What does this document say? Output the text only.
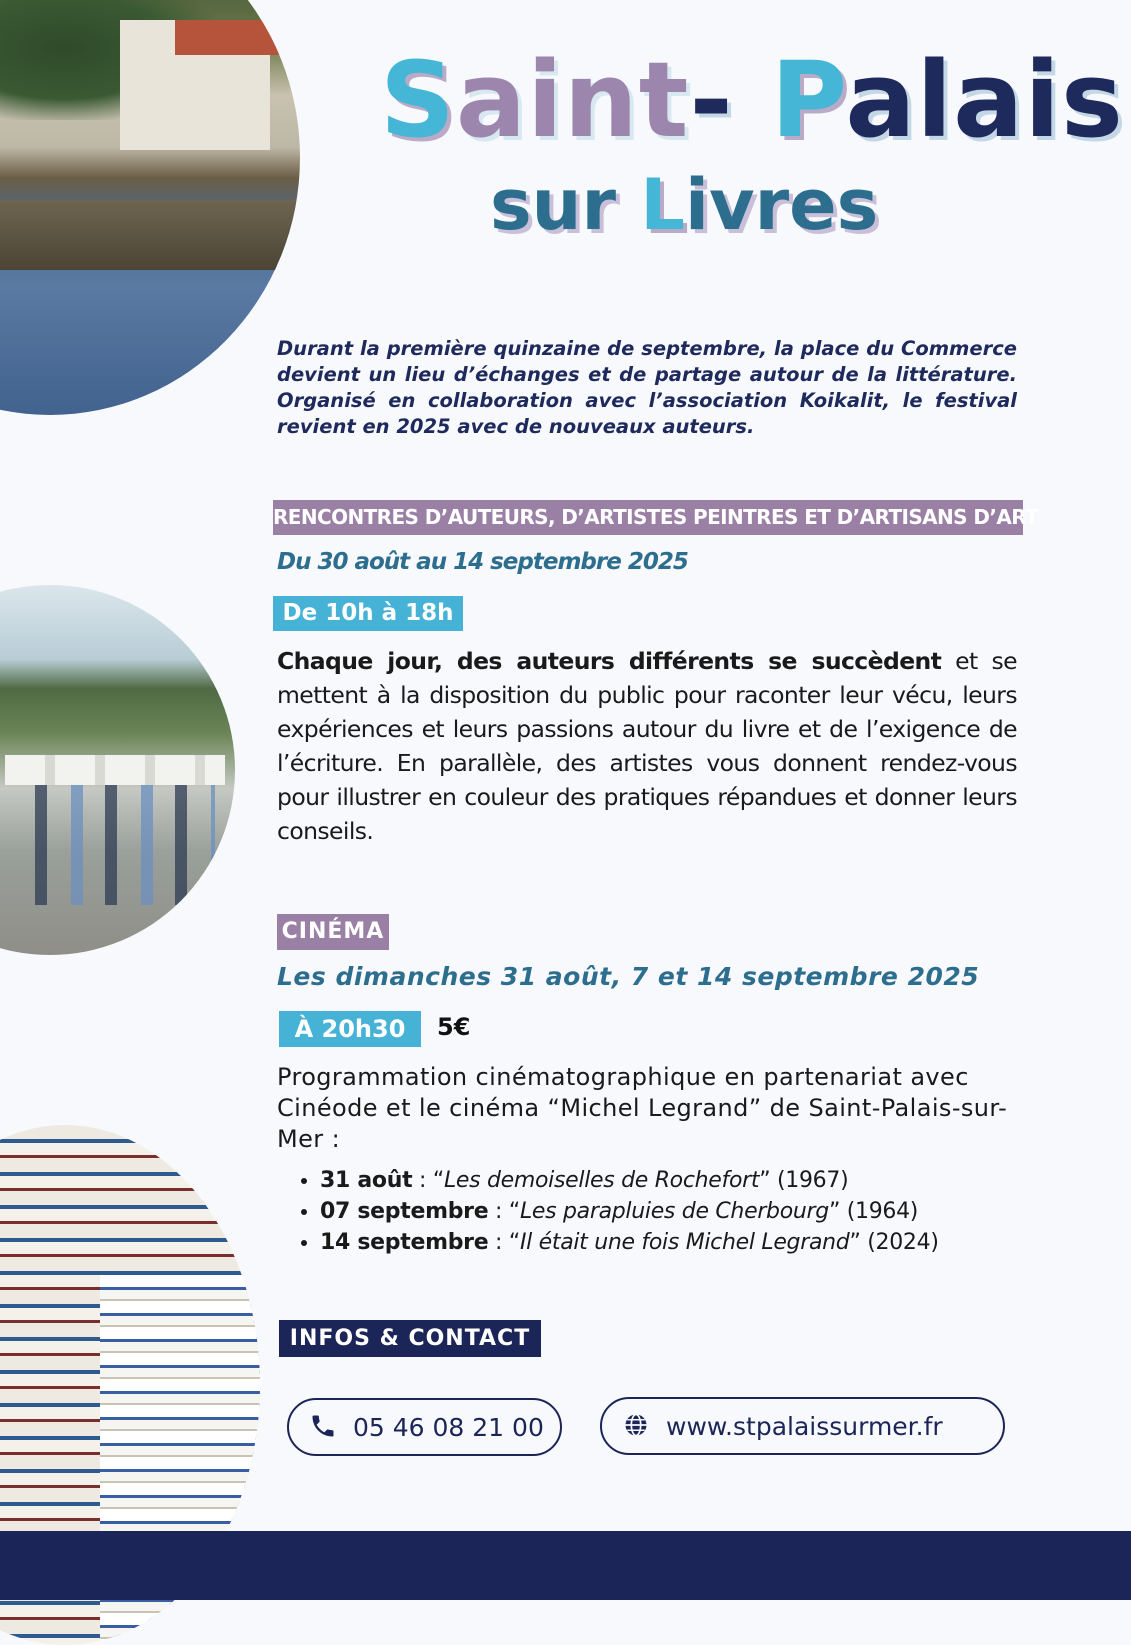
Saint- Palais
sur Livres
Durant la première quinzaine de septembre, la place du Commerce devient un lieu d’échanges et de partage autour de la littérature. Organisé en collaboration avec l’association Koikalit, le festival revient en 2025 avec de nouveaux auteurs.
RENCONTRES D’AUTEURS, D’ARTISTES PEINTRES ET D’ARTISANS D’ART
Du 30 août au 14 septembre 2025
De 10h à 18h
Chaque jour, des auteurs différents se succèdent et se mettent à la disposition du public pour raconter leur vécu, leurs expériences et leurs passions autour du livre et de l’exigence de l’écriture. En parallèle, des artistes vous donnent rendez-vous pour illustrer en couleur des pratiques répandues et donner leurs conseils.
CINÉMA
Les dimanches 31 août, 7 et 14 septembre 2025
À 20h30	5€
Programmation cinématographique en partenariat avec Cinéode et le cinéma “Michel Legrand” de Saint-Palais-sur-Mer :
• 31 août : “Les demoiselles de Rochefort” (1967)
• 07 septembre : “Les parapluies de Cherbourg” (1964)
• 14 septembre : “Il était une fois Michel Legrand” (2024)
INFOS & CONTACT
05 46 08 21 00	www.stpalaissurmer.fr
